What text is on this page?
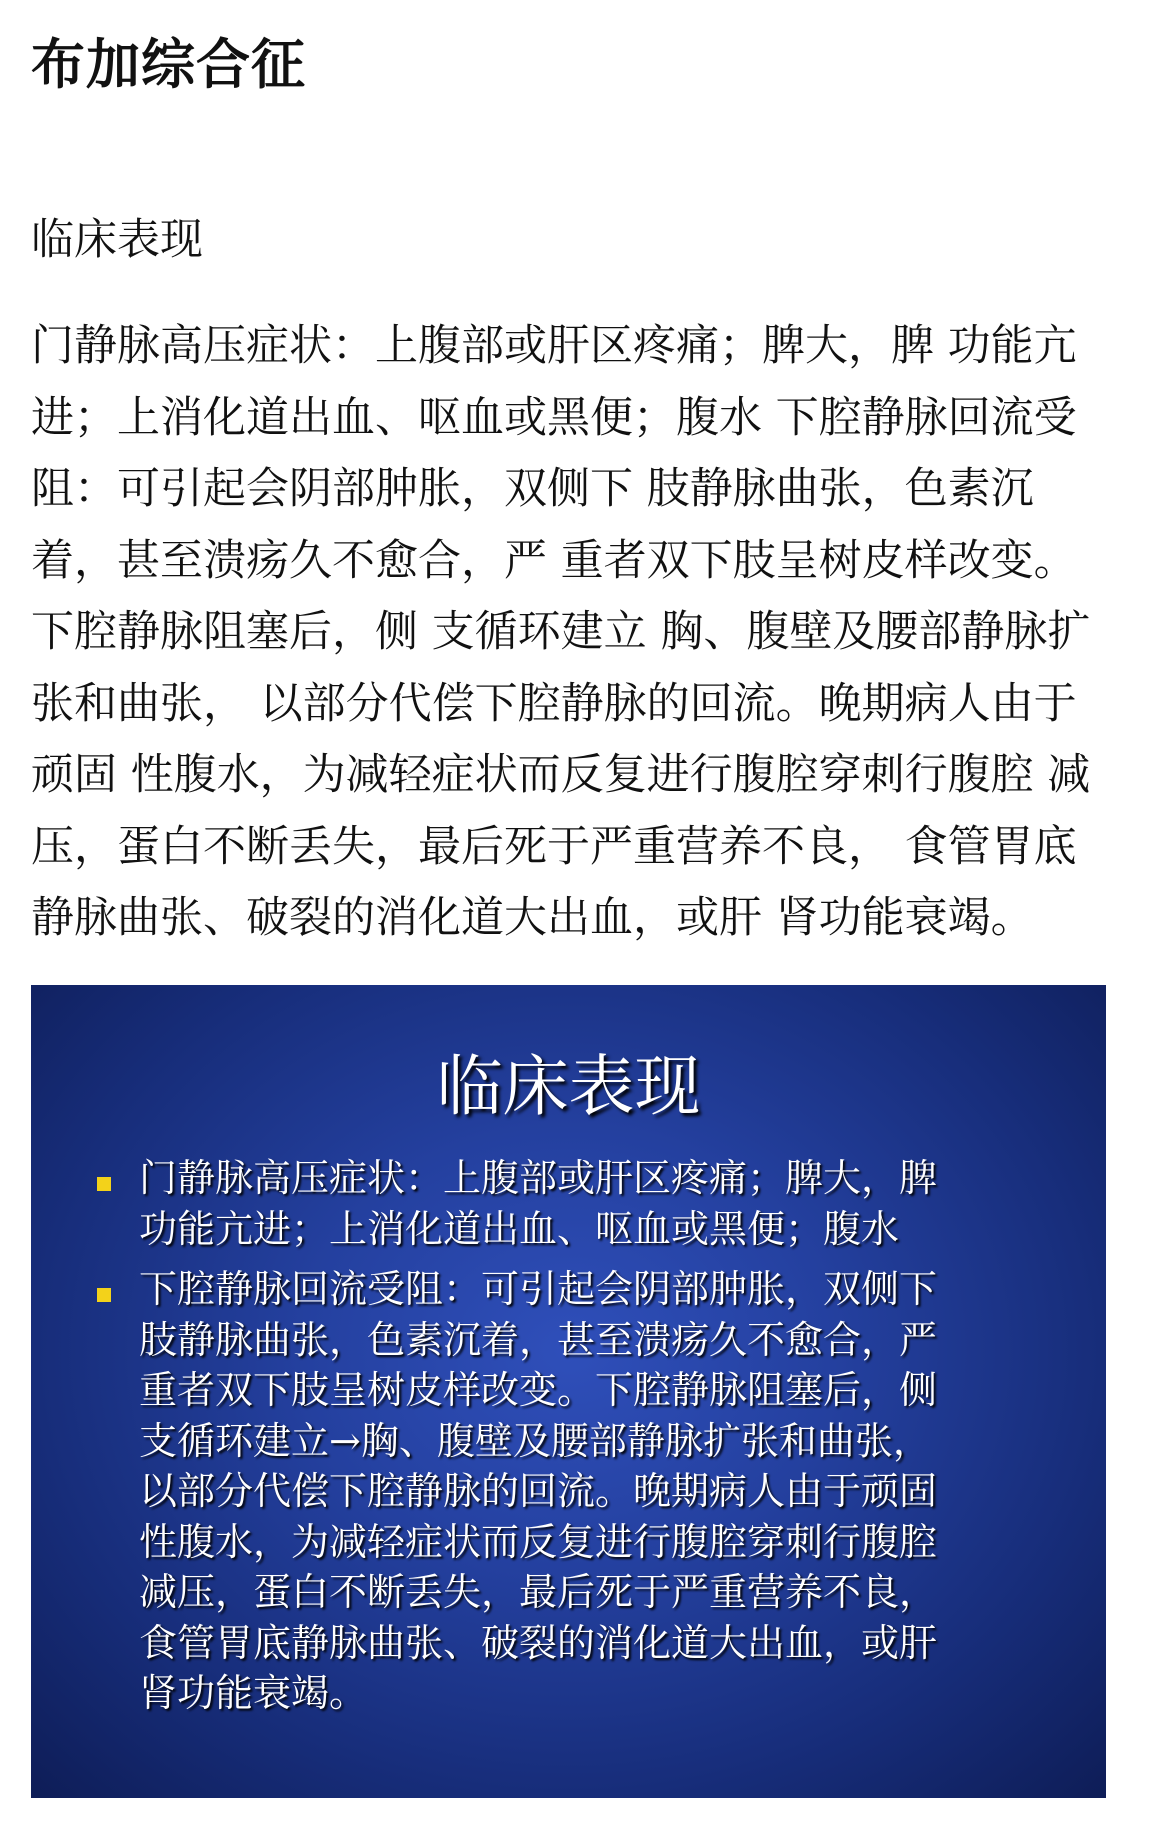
布加综合征
临床表现
门静脉高压症状：上腹部或肝区疼痛；脾大，脾 功能亢
进；上消化道出血、呕血或黑便；腹水 下腔静脉回流受
阻：可引起会阴部肿胀，双侧下 肢静脉曲张，色素沉
着，甚至溃疡久不愈合，严 重者双下肢呈树皮样改变。
下腔静脉阻塞后，侧 支循环建立 胸、腹壁及腰部静脉扩
张和曲张， 以部分代偿下腔静脉的回流。晚期病人由于
顽固 性腹水，为减轻症状而反复进行腹腔穿刺行腹腔 减
压，蛋白不断丢失，最后死于严重营养不良， 食管胃底
静脉曲张、破裂的消化道大出血，或肝 肾功能衰竭。
临床表现
门静脉高压症状：上腹部或肝区疼痛；脾大，脾
功能亢进；上消化道出血、呕血或黑便；腹水
下腔静脉回流受阻：可引起会阴部肿胀，双侧下
肢静脉曲张，色素沉着，甚至溃疡久不愈合，严
重者双下肢呈树皮样改变。下腔静脉阻塞后，侧
支循环建立→胸、腹壁及腰部静脉扩张和曲张，
以部分代偿下腔静脉的回流。晚期病人由于顽固
性腹水，为减轻症状而反复进行腹腔穿刺行腹腔
减压，蛋白不断丢失，最后死于严重营养不良，
食管胃底静脉曲张、破裂的消化道大出血，或肝
肾功能衰竭。
